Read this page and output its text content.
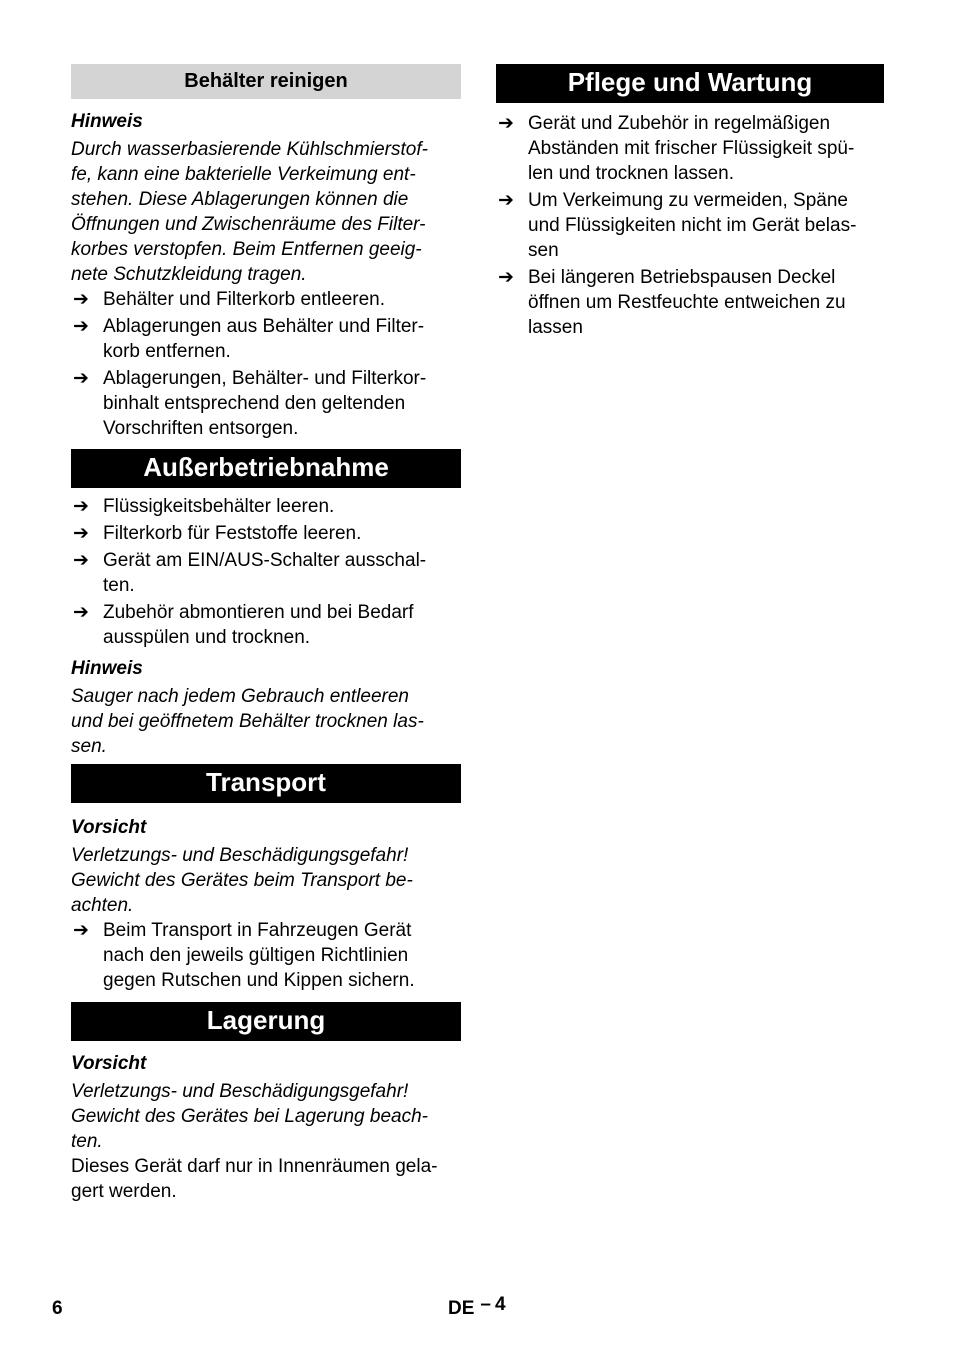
Behälter reinigen
Hinweis
Durch wasserbasierende Kühlschmierstof-
fe, kann eine bakterielle Verkeimung ent-
stehen. Diese Ablagerungen können die
Öffnungen und Zwischenräume des Filter-
korbes verstopfen. Beim Entfernen geeig-
nete Schutzkleidung tragen.
➔ Behälter und Filterkorb entleeren.
➔ Ablagerungen aus Behälter und Filter-
korb entfernen.
➔ Ablagerungen, Behälter- und Filterkor-
binhalt entsprechend den geltenden
Vorschriften entsorgen.
Außerbetriebnahme
➔ Flüssigkeitsbehälter leeren.
➔ Filterkorb für Feststoffe leeren.
➔ Gerät am EIN/AUS-Schalter ausschal-
ten.
➔ Zubehör abmontieren und bei Bedarf
ausspülen und trocknen.
Hinweis
Sauger nach jedem Gebrauch entleeren
und bei geöffnetem Behälter trocknen las-
sen.
Transport
Vorsicht
Verletzungs- und Beschädigungsgefahr!
Gewicht des Gerätes beim Transport be-
achten.
➔ Beim Transport in Fahrzeugen Gerät
nach den jeweils gültigen Richtlinien
gegen Rutschen und Kippen sichern.
Lagerung
Vorsicht
Verletzungs- und Beschädigungsgefahr!
Gewicht des Gerätes bei Lagerung beach-
ten.
Dieses Gerät darf nur in Innenräumen gela-
gert werden.
Pflege und Wartung
➔ Gerät und Zubehör in regelmäßigen
Abständen mit frischer Flüssigkeit spü-
len und trocknen lassen.
➔ Um Verkeimung zu vermeiden, Späne
und Flüssigkeiten nicht im Gerät belas-
sen
➔ Bei längeren Betriebspausen Deckel
öffnen um Restfeuchte entweichen zu
lassen
6	DE – 4
